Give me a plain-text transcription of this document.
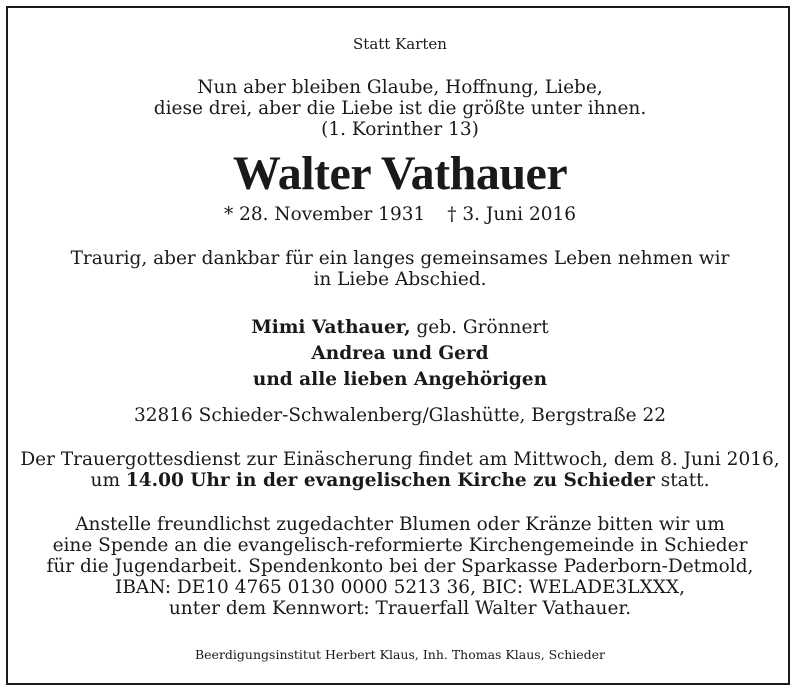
Statt Karten
Nun aber bleiben Glaube, Hoffnung, Liebe,
diese drei, aber die Liebe ist die größte unter ihnen.
(1. Korinther 13)
Walter Vathauer
* 28. November 1931 † 3. Juni 2016
Traurig, aber dankbar für ein langes gemeinsames Leben nehmen wir
in Liebe Abschied.
Mimi Vathauer, geb. Grönnert
Andrea und Gerd
und alle lieben Angehörigen
32816 Schieder-Schwalenberg/Glashütte, Bergstraße 22
Der Trauergottesdienst zur Einäscherung findet am Mittwoch, dem 8. Juni 2016,
um 14.00 Uhr in der evangelischen Kirche zu Schieder statt.
Anstelle freundlichst zugedachter Blumen oder Kränze bitten wir um
eine Spende an die evangelisch-reformierte Kirchengemeinde in Schieder
für die Jugendarbeit. Spendenkonto bei der Sparkasse Paderborn-Detmold,
IBAN: DE10 4765 0130 0000 5213 36, BIC: WELADE3LXXX,
unter dem Kennwort: Trauerfall Walter Vathauer.
Beerdigungsinstitut Herbert Klaus, Inh. Thomas Klaus, Schieder
